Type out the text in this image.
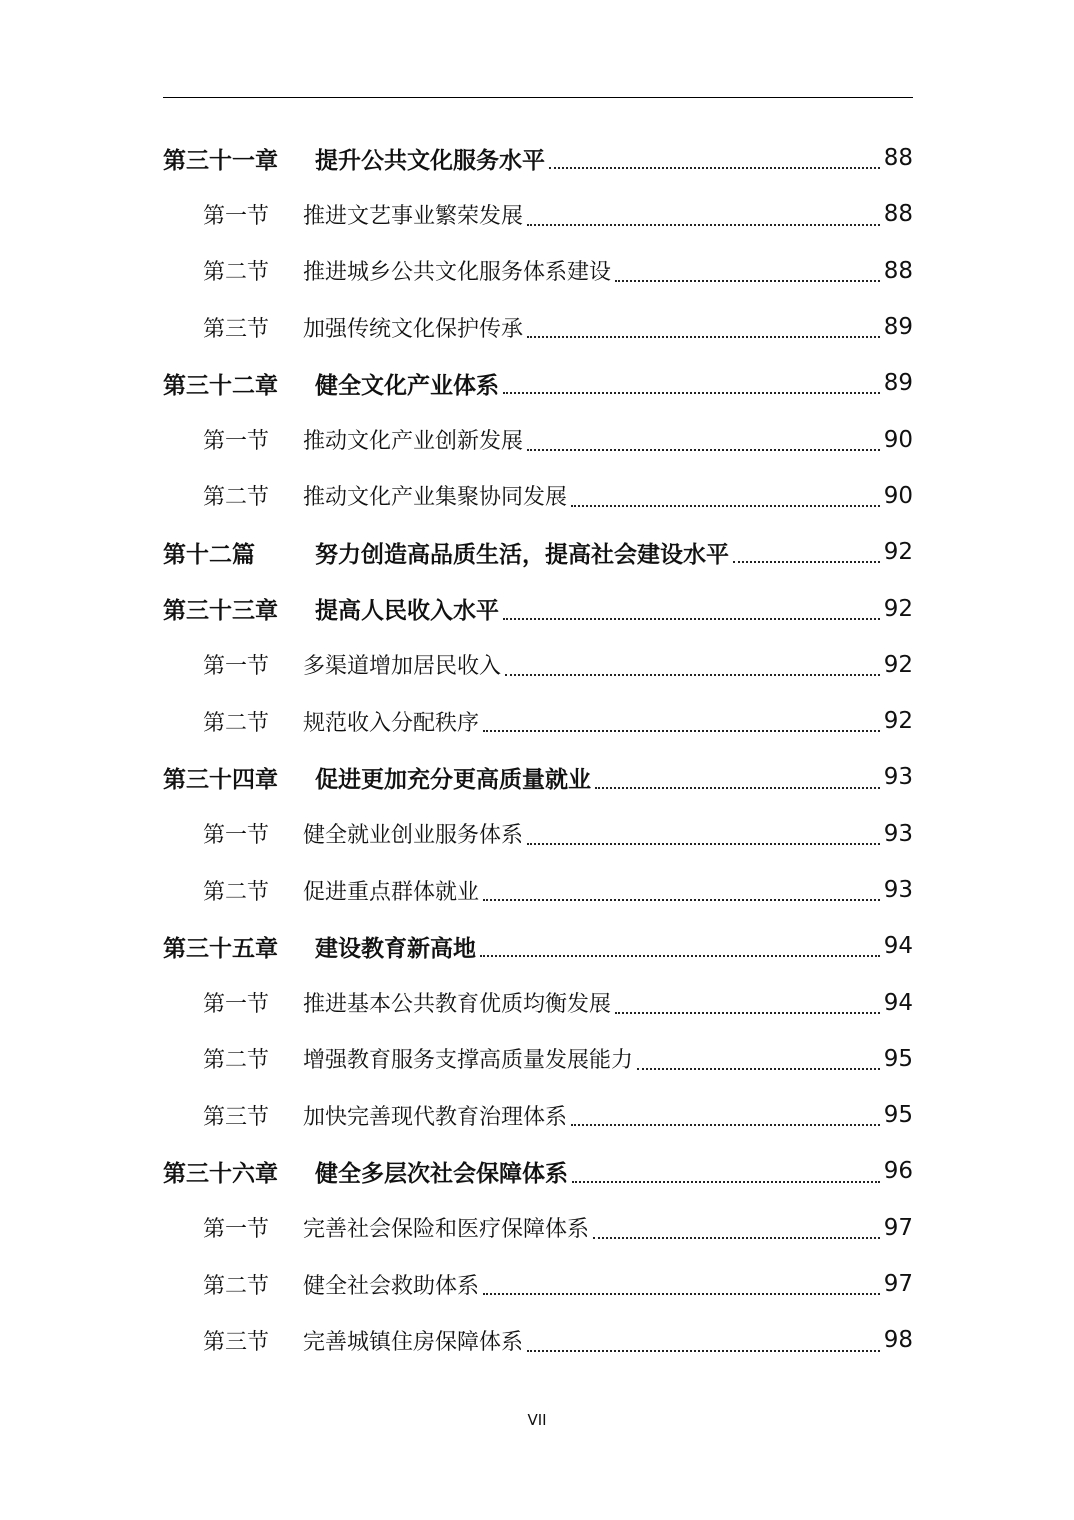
第三十一章	提升公共文化服务水平	88
第一节	推进文艺事业繁荣发展	88
第二节	推进城乡公共文化服务体系建设	88
第三节	加强传统文化保护传承	89
第三十二章	健全文化产业体系	89
第一节	推动文化产业创新发展	90
第二节	推动文化产业集聚协同发展	90
第十二篇	努力创造高品质生活，提高社会建设水平	92
第三十三章	提高人民收入水平	92
第一节	多渠道增加居民收入	92
第二节	规范收入分配秩序	92
第三十四章	促进更加充分更高质量就业	93
第一节	健全就业创业服务体系	93
第二节	促进重点群体就业	93
第三十五章	建设教育新高地	94
第一节	推进基本公共教育优质均衡发展	94
第二节	增强教育服务支撑高质量发展能力	95
第三节	加快完善现代教育治理体系	95
第三十六章	健全多层次社会保障体系	96
第一节	完善社会保险和医疗保障体系	97
第二节	健全社会救助体系	97
第三节	完善城镇住房保障体系	98
VII
